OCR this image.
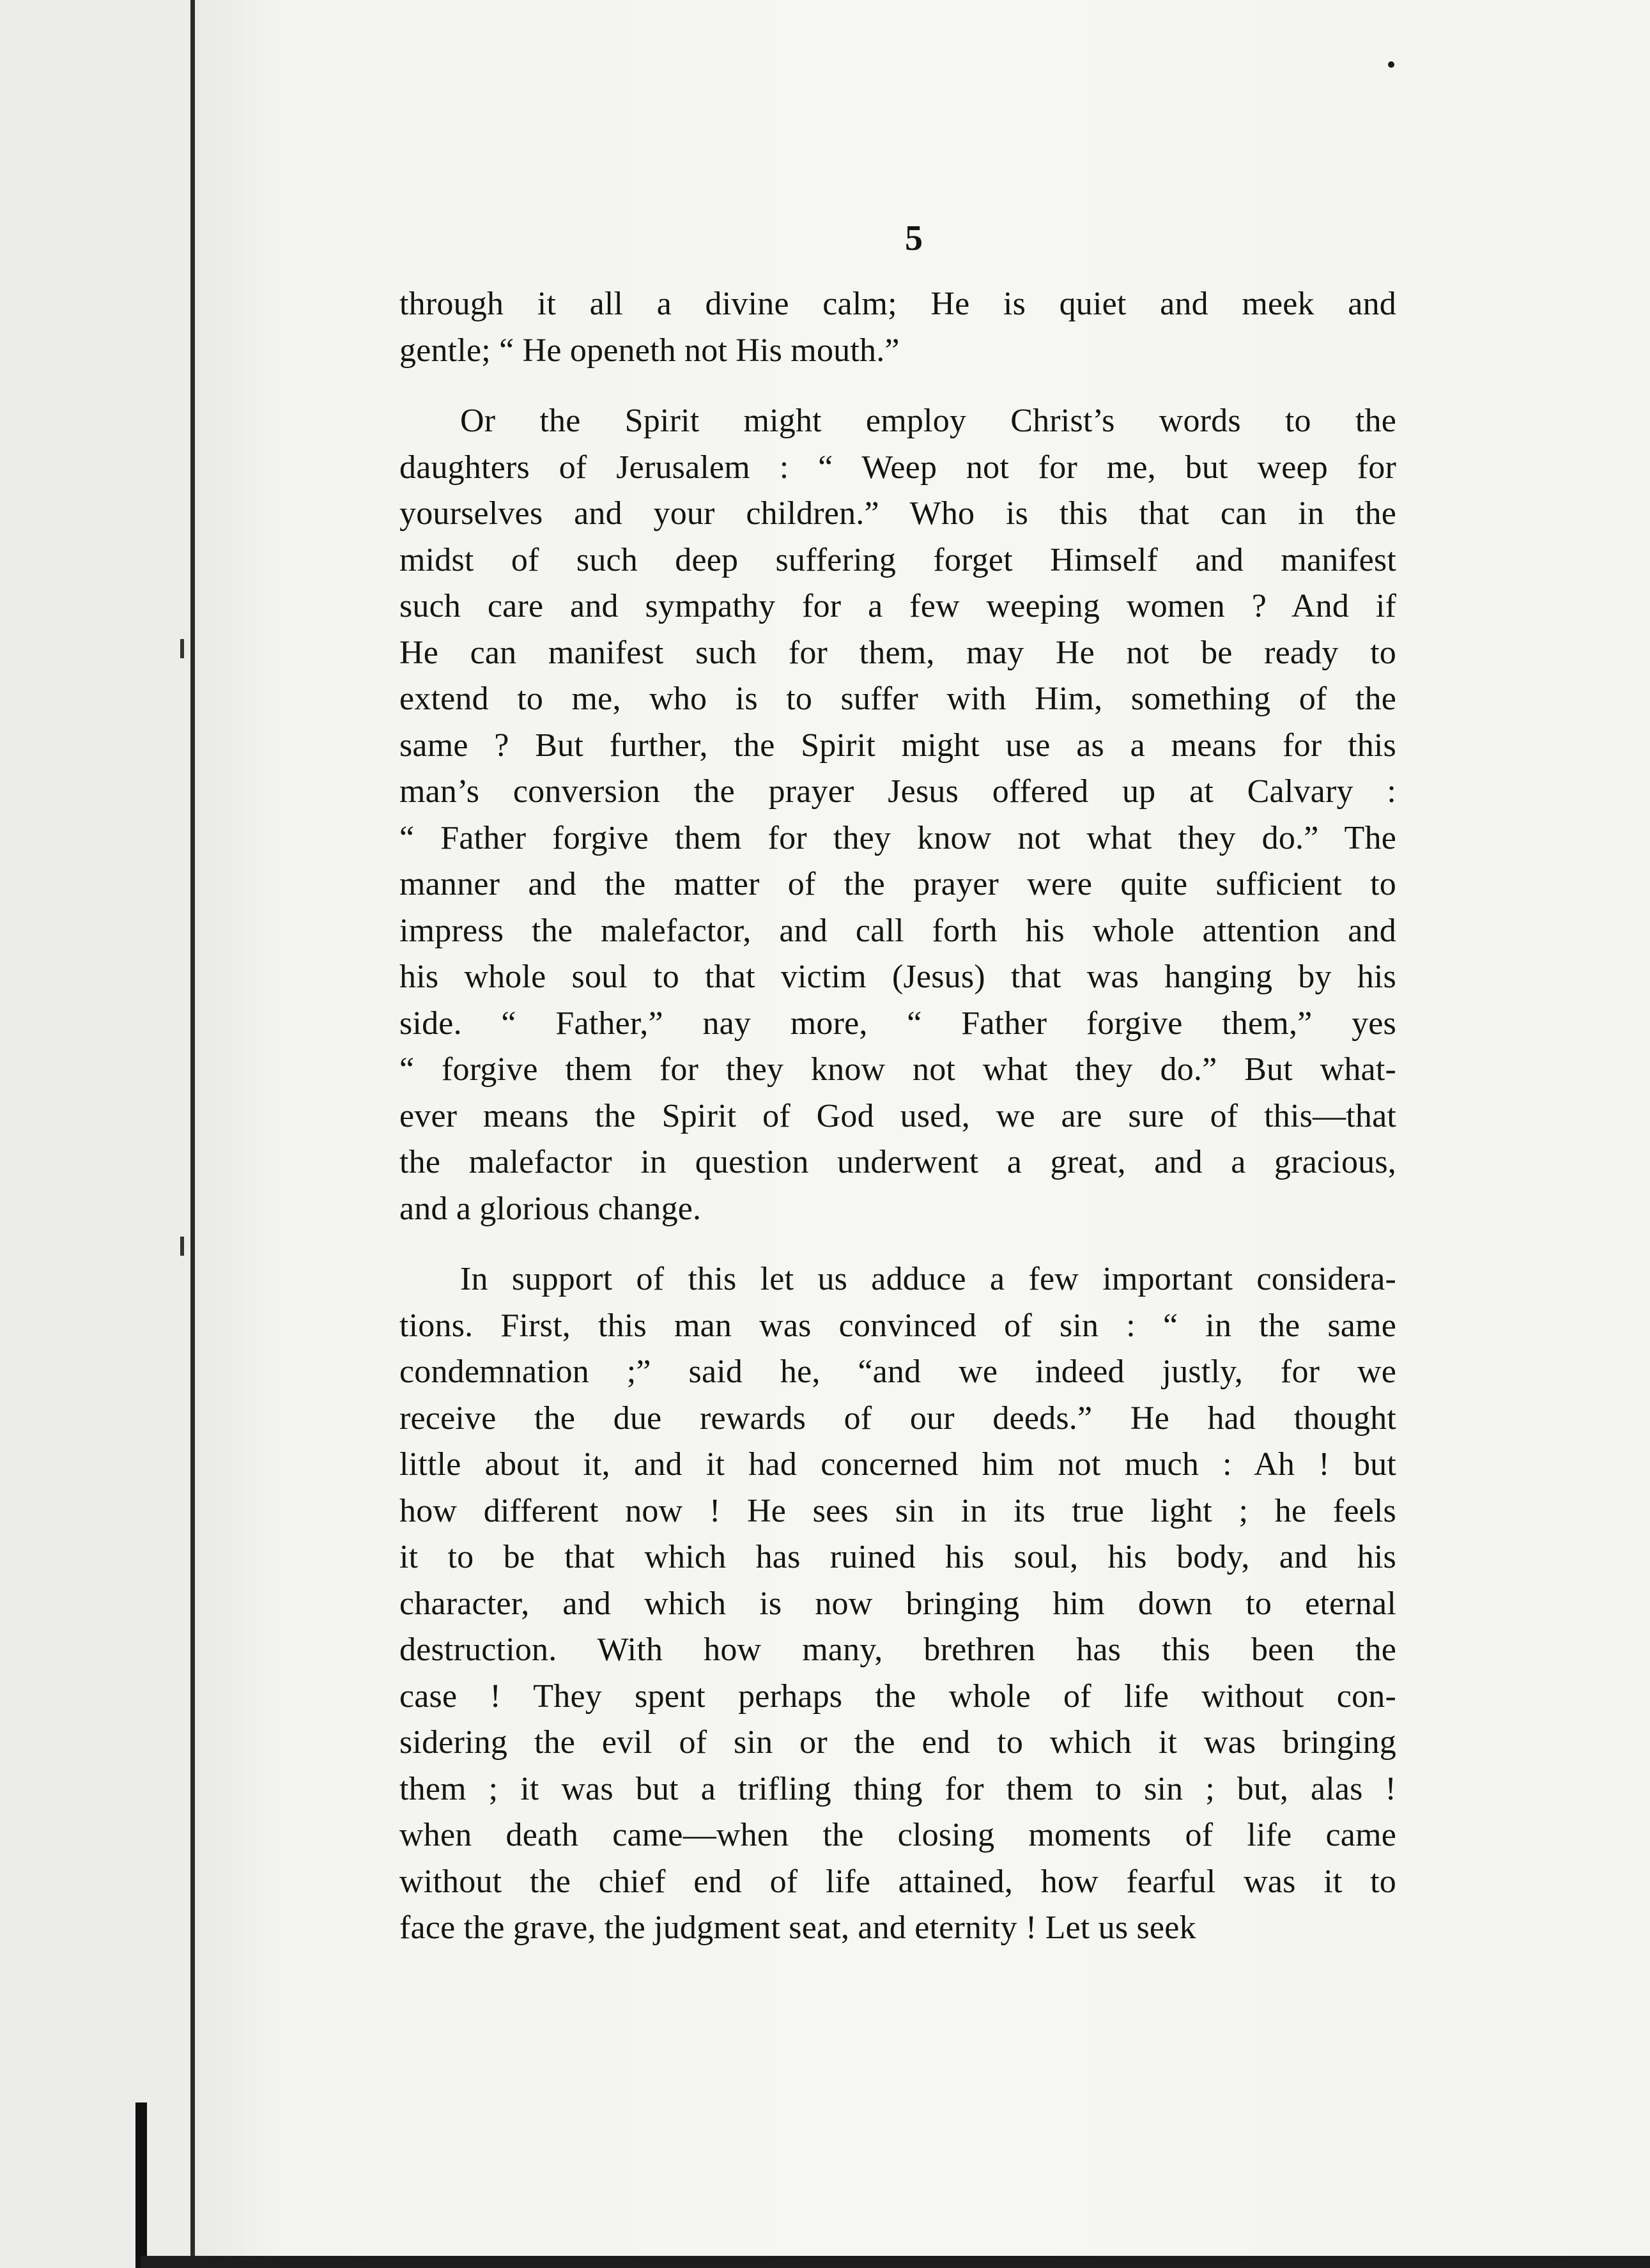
5
through it all a divine calm; He is quiet and meek and
gentle; “ He openeth not His mouth.”
Or the Spirit might employ Christ’s words to the
daughters of Jerusalem : “ Weep not for me, but weep for
yourselves and your children.” Who is this that can in the
midst of such deep suffering forget Himself and manifest
such care and sympathy for a few weeping women ? And if
He can manifest such for them, may He not be ready to
extend to me, who is to suffer with Him, something of the
same ? But further, the Spirit might use as a means for this
man’s conversion the prayer Jesus offered up at Calvary :
“ Father forgive them for they know not what they do.” The
manner and the matter of the prayer were quite sufficient to
impress the malefactor, and call forth his whole attention and
his whole soul to that victim (Jesus) that was hanging by his
side. “ Father,” nay more, “ Father forgive them,” yes
“ forgive them for they know not what they do.” But what-
ever means the Spirit of God used, we are sure of this—that
the malefactor in question underwent a great, and a gracious,
and a glorious change.
In support of this let us adduce a few important considera-
tions. First, this man was convinced of sin : “ in the same
condemnation ;” said he, “and we indeed justly, for we
receive the due rewards of our deeds.” He had thought
little about it, and it had concerned him not much : Ah ! but
how different now ! He sees sin in its true light ; he feels
it to be that which has ruined his soul, his body, and his
character, and which is now bringing him down to eternal
destruction. With how many, brethren has this been the
case ! They spent perhaps the whole of life without con-
sidering the evil of sin or the end to which it was bringing
them ; it was but a trifling thing for them to sin ; but, alas !
when death came—when the closing moments of life came
without the chief end of life attained, how fearful was it to
face the grave, the judgment seat, and eternity ! Let us seek
